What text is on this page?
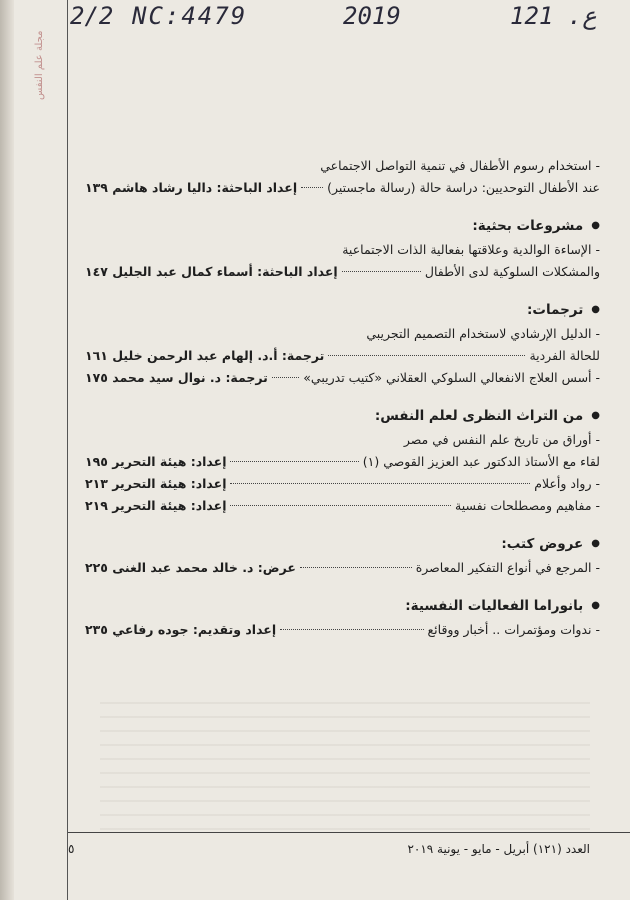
مجلة علم النفس
2/2 NC:4479	2019	121 .ع
- استخدام رسوم الأطفال في تنمية التواصل الاجتماعي
عند الأطفال التوحديين: دراسة حالة (رسالة ماجستير)
إعداد الباحثة: داليا رشاد هاشم ١٣٩
●
مشروعات بحثية:
- الإساءة الوالدية وعلاقتها بفعالية الذات الاجتماعية
والمشكلات السلوكية لدى الأطفال
إعداد الباحثة: أسماء كمال عبد الجليل ١٤٧
●
ترجمات:
- الدليل الإرشادي لاستخدام التصميم التجريبي
للحالة الفردية
ترجمة: أ.د. إلهام عبد الرحمن خليل ١٦١
- أسس العلاج الانفعالي السلوكي العقلاني «كتيب تدريبي»
ترجمة: د. نوال سيد محمد ١٧٥
●
من التراث النظرى لعلم النفس:
- أوراق من تاريخ علم النفس في مصر
لقاء مع الأستاذ الدكتور عبد العزيز القوصي (١)
إعداد: هيئة التحرير ١٩٥
- رواد وأعلام
إعداد: هيئة التحرير ٢١٣
- مفاهيم ومصطلحات نفسية
إعداد: هيئة التحرير ٢١٩
●
عروض كتب:
- المرجع في أنواع التفكير المعاصرة
عرض: د. خالد محمد عبد الغنى ٢٢٥
●
بانوراما الفعاليات النفسية:
- ندوات ومؤتمرات .. أخبار ووقائع
إعداد وتقديم: جوده رفاعي ٢٣٥
العدد (١٢١) أبريل - مايو - يونية ٢٠١٩
٥
